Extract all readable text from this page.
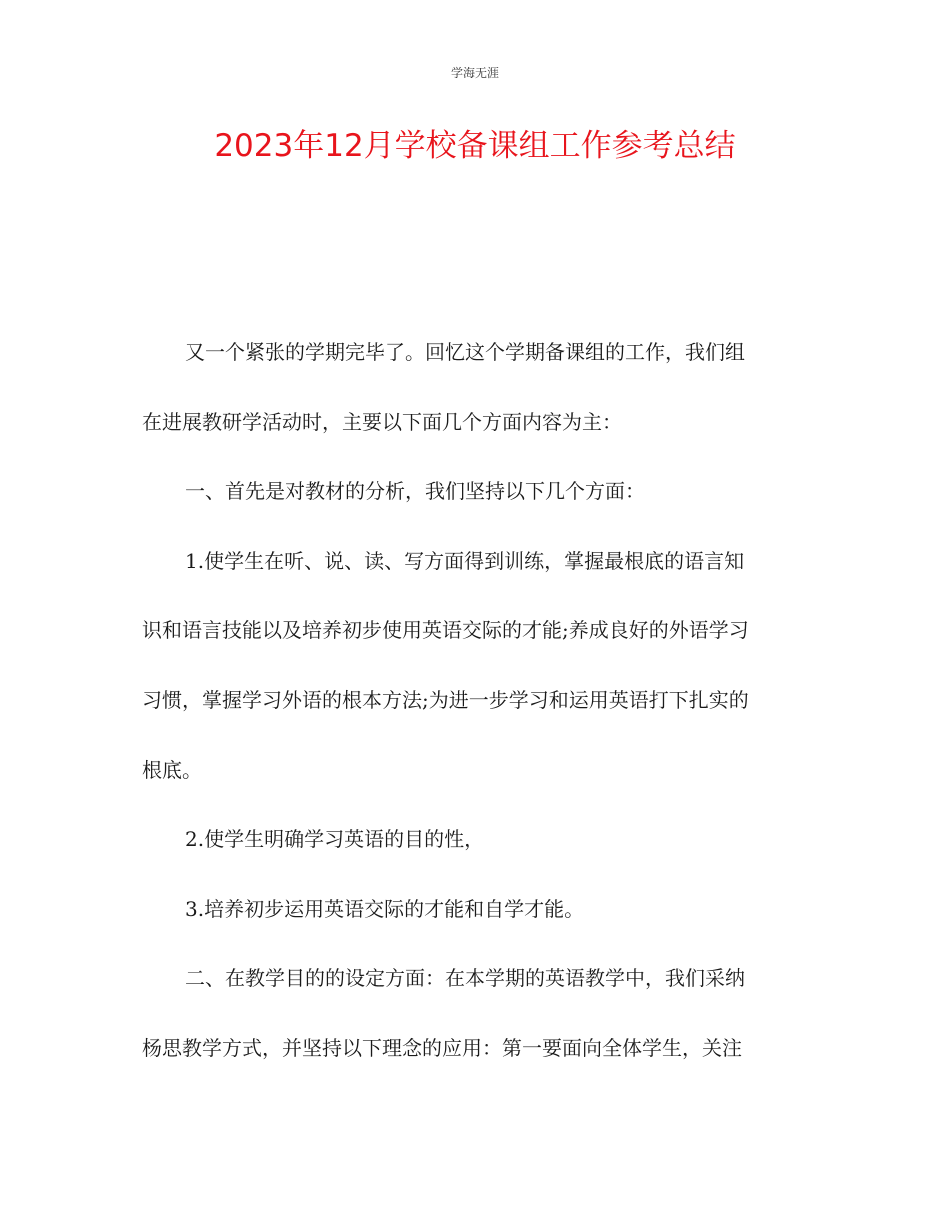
学海无涯
2023年12月学校备课组工作参考总结
又一个紧张的学期完毕了。回忆这个学期备课组的工作，我们组
在进展教研学活动时，主要以下面几个方面内容为主：
一、首先是对教材的分析，我们坚持以下几个方面：
1.使学生在听、说、读、写方面得到训练，掌握最根底的语言知
识和语言技能以及培养初步使用英语交际的才能;养成良好的外语学习
习惯，掌握学习外语的根本方法;为进一步学习和运用英语打下扎实的
根底。
2.使学生明确学习英语的目的性，
3.培养初步运用英语交际的才能和自学才能。
二、在教学目的的设定方面：在本学期的英语教学中，我们采纳
杨思教学方式，并坚持以下理念的应用：第一要面向全体学生，关注
